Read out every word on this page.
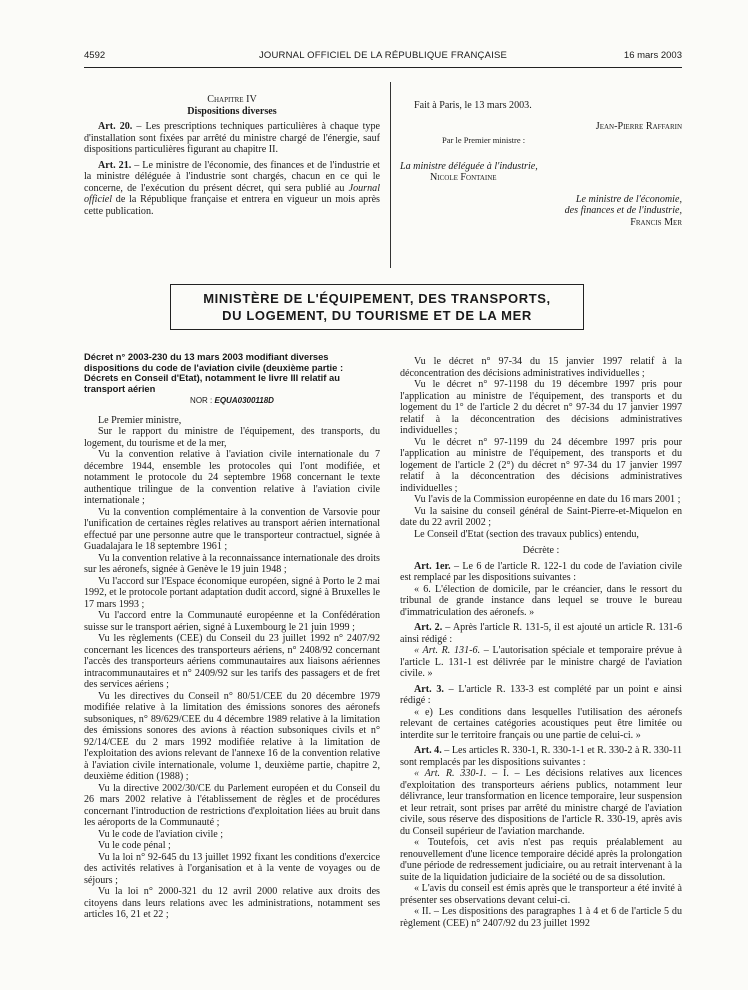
4592	JOURNAL OFFICIEL DE LA RÉPUBLIQUE FRANÇAISE	16 mars 2003

Chapitre IV

Dispositions diverses

Art. 20. – Les prescriptions techniques particulières à chaque type d'installation sont fixées par arrêté du ministre chargé de l'énergie, sauf dispositions particulières figurant au chapitre II.

Art. 21. – Le ministre de l'économie, des finances et de l'industrie et la ministre déléguée à l'industrie sont chargés, chacun en ce qui le concerne, de l'exécution du présent décret, qui sera publié au Journal officiel de la République française et entrera en vigueur un mois après cette publication.

Fait à Paris, le 13 mars 2003.

Jean-Pierre Raffarin

Par le Premier ministre :

La ministre déléguée à l'industrie,

Nicole Fontaine

Le ministre de l'économie,

des finances et de l'industrie,

Francis Mer

MINISTÈRE DE L'ÉQUIPEMENT, DES TRANSPORTS,
DU LOGEMENT, DU TOURISME ET DE LA MER
Décret n° 2003-230 du 13 mars 2003 modifiant diverses dispositions du code de l'aviation civile (deuxième partie : Décrets en Conseil d'Etat), notamment le livre III relatif au transport aérien
NOR : EQUA0300118D

Le Premier ministre,

Sur le rapport du ministre de l'équipement, des transports, du logement, du tourisme et de la mer,

Vu la convention relative à l'aviation civile internationale du 7 décembre 1944, ensemble les protocoles qui l'ont modifiée, et notamment le protocole du 24 septembre 1968 concernant le texte authentique trilingue de la convention relative à l'aviation civile internationale ;

Vu la convention complémentaire à la convention de Varsovie pour l'unification de certaines règles relatives au transport aérien international effectué par une personne autre que le transporteur contractuel, signée à Guadalajara le 18 septembre 1961 ;

Vu la convention relative à la reconnaissance internationale des droits sur les aéronefs, signée à Genève le 19 juin 1948 ;

Vu l'accord sur l'Espace économique européen, signé à Porto le 2 mai 1992, et le protocole portant adaptation dudit accord, signé à Bruxelles le 17 mars 1993 ;

Vu l'accord entre la Communauté européenne et la Confédération suisse sur le transport aérien, signé à Luxembourg le 21 juin 1999 ;

Vu les règlements (CEE) du Conseil du 23 juillet 1992 n° 2407/92 concernant les licences des transporteurs aériens, n° 2408/92 concernant l'accès des transporteurs aériens communautaires aux liaisons aériennes intracommunautaires et n° 2409/92 sur les tarifs des passagers et de fret des services aériens ;

Vu les directives du Conseil n° 80/51/CEE du 20 décembre 1979 modifiée relative à la limitation des émissions sonores des aéronefs subsoniques, n° 89/629/CEE du 4 décembre 1989 relative à la limitation des émissions sonores des avions à réaction subsoniques civils et n° 92/14/CEE du 2 mars 1992 modifiée relative à la limitation de l'exploitation des avions relevant de l'annexe 16 de la convention relative à l'aviation civile internationale, volume 1, deuxième partie, chapitre 2, deuxième édition (1988) ;

Vu la directive 2002/30/CE du Parlement européen et du Conseil du 26 mars 2002 relative à l'établissement de règles et de procédures concernant l'introduction de restrictions d'exploitation liées au bruit dans les aéroports de la Communauté ;

Vu le code de l'aviation civile ;

Vu le code pénal ;

Vu la loi n° 92-645 du 13 juillet 1992 fixant les conditions d'exercice des activités relatives à l'organisation et à la vente de voyages ou de séjours ;

Vu la loi n° 2000-321 du 12 avril 2000 relative aux droits des citoyens dans leurs relations avec les administrations, notamment ses articles 16, 21 et 22 ;

Vu le décret n° 97-34 du 15 janvier 1997 relatif à la déconcentration des décisions administratives individuelles ;

Vu le décret n° 97-1198 du 19 décembre 1997 pris pour l'application au ministre de l'équipement, des transports et du logement du 1° de l'article 2 du décret n° 97-34 du 17 janvier 1997 relatif à la déconcentration des décisions administratives individuelles ;

Vu le décret n° 97-1199 du 24 décembre 1997 pris pour l'application au ministre de l'équipement, des transports et du logement de l'article 2 (2°) du décret n° 97-34 du 17 janvier 1997 relatif à la déconcentration des décisions administratives individuelles ;

Vu l'avis de la Commission européenne en date du 16 mars 2001 ;

Vu la saisine du conseil général de Saint-Pierre-et-Miquelon en date du 22 avril 2002 ;

Le Conseil d'Etat (section des travaux publics) entendu,

Décrète :

Art. 1er. – Le 6 de l'article R. 122-1 du code de l'aviation civile est remplacé par les dispositions suivantes :

« 6. L'élection de domicile, par le créancier, dans le ressort du tribunal de grande instance dans lequel se trouve le bureau d'immatriculation des aéronefs. »

Art. 2. – Après l'article R. 131-5, il est ajouté un article R. 131-6 ainsi rédigé :

« Art. R. 131-6. – L'autorisation spéciale et temporaire prévue à l'article L. 131-1 est délivrée par le ministre chargé de l'aviation civile. »

Art. 3. – L'article R. 133-3 est complété par un point e ainsi rédigé :

« e) Les conditions dans lesquelles l'utilisation des aéronefs relevant de certaines catégories acoustiques peut être limitée ou interdite sur le territoire français ou une partie de celui-ci. »

Art. 4. – Les articles R. 330-1, R. 330-1-1 et R. 330-2 à R. 330-11 sont remplacés par les dispositions suivantes :

« Art. R. 330-1. – I. – Les décisions relatives aux licences d'exploitation des transporteurs aériens publics, notamment leur délivrance, leur transformation en licence temporaire, leur suspension et leur retrait, sont prises par arrêté du ministre chargé de l'aviation civile, sous réserve des dispositions de l'article R. 330-19, après avis du Conseil supérieur de l'aviation marchande.

« Toutefois, cet avis n'est pas requis préalablement au renouvellement d'une licence temporaire décidé après la prolongation d'une période de redressement judiciaire, ou au retrait intervenant à la suite de la liquidation judiciaire de la société ou de sa dissolution.

« L'avis du conseil est émis après que le transporteur a été invité à présenter ses observations devant celui-ci.

« II. – Les dispositions des paragraphes 1 à 4 et 6 de l'article 5 du règlement (CEE) n° 2407/92 du 23 juillet 1992
